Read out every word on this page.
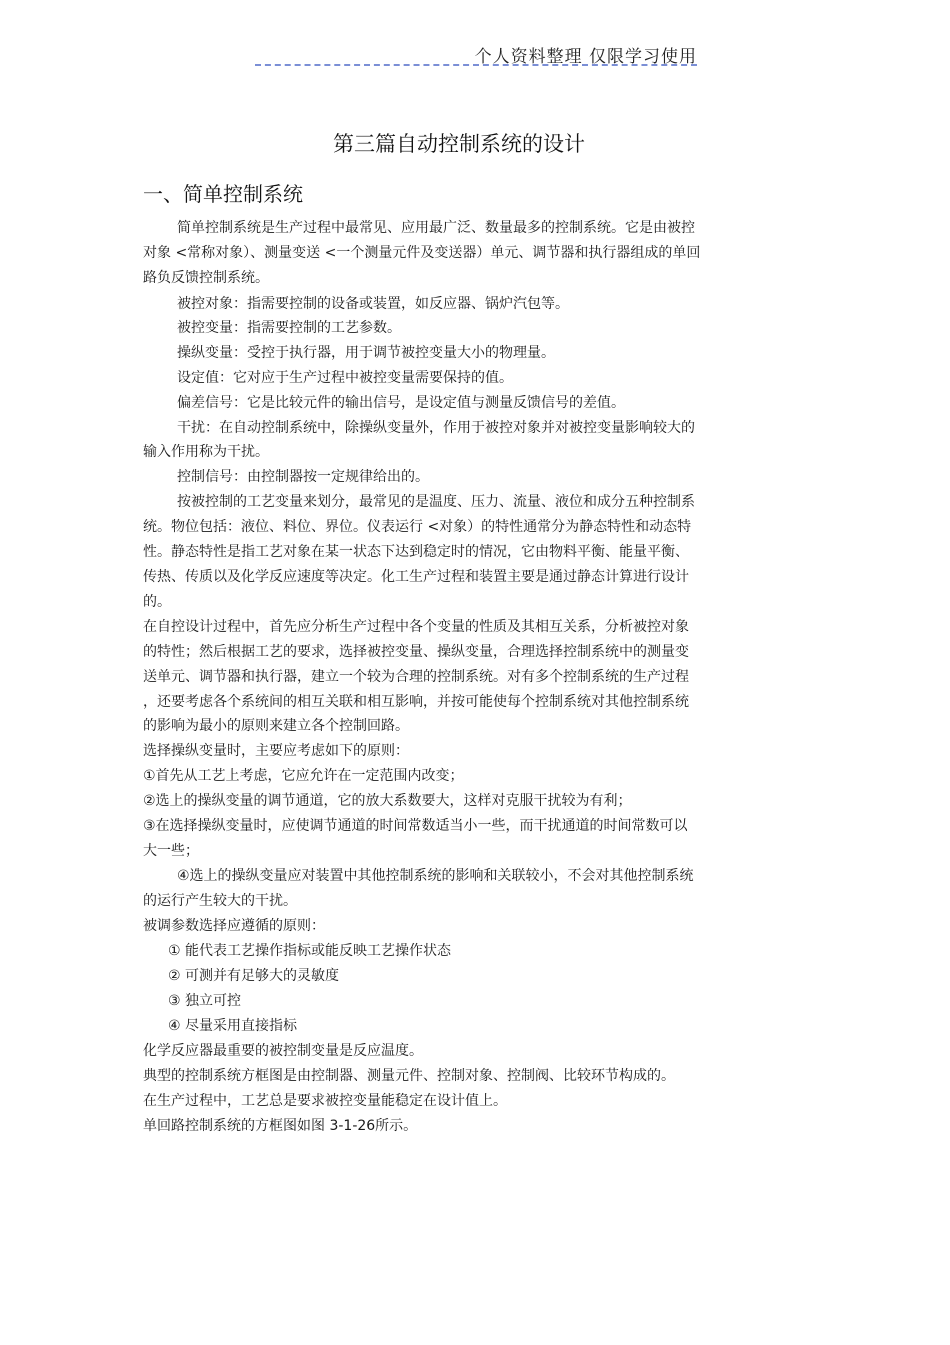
个人资料整理 仅限学习使用
第三篇自动控制系统的设计
一、简单控制系统
简单控制系统是生产过程中最常见、应用最广泛、数量最多的控制系统。它是由被控
对象 <常称对象）、测量变送 <一个测量元件及变送器）单元、调节器和执行器组成的单回
路负反馈控制系统。
被控对象：指需要控制的设备或装置，如反应器、锅炉汽包等。
被控变量：指需要控制的工艺参数。
操纵变量：受控于执行器，用于调节被控变量大小的物理量。
设定值：它对应于生产过程中被控变量需要保持的值。
偏差信号：它是比较元件的输出信号，是设定值与测量反馈信号的差值。
干扰：在自动控制系统中，除操纵变量外，作用于被控对象并对被控变量影响较大的
输入作用称为干扰。
控制信号：由控制器按一定规律给出的。
按被控制的工艺变量来划分，最常见的是温度、压力、流量、液位和成分五种控制系
统。物位包括：液位、料位、界位。仪表运行 <对象）的特性通常分为静态特性和动态特
性。静态特性是指工艺对象在某一状态下达到稳定时的情况，它由物料平衡、能量平衡、
传热、传质以及化学反应速度等决定。化工生产过程和装置主要是通过静态计算进行设计
的。
在自控设计过程中，首先应分析生产过程中各个变量的性质及其相互关系，分析被控对象
的特性；然后根据工艺的要求，选择被控变量、操纵变量，合理选择控制系统中的测量变
送单元、调节器和执行器，建立一个较为合理的控制系统。对有多个控制系统的生产过程
，还要考虑各个系统间的相互关联和相互影响，并按可能使每个控制系统对其他控制系统
的影响为最小的原则来建立各个控制回路。
选择操纵变量时，主要应考虑如下的原则：
①首先从工艺上考虑，它应允许在一定范围内改变；
②选上的操纵变量的调节通道，它的放大系数要大，这样对克服干扰较为有利；
③在选择操纵变量时，应使调节通道的时间常数适当小一些，而干扰通道的时间常数可以
大一些；
④选上的操纵变量应对装置中其他控制系统的影响和关联较小，不会对其他控制系统
的运行产生较大的干扰。
被调参数选择应遵循的原则：
① 能代表工艺操作指标或能反映工艺操作状态
② 可测并有足够大的灵敏度
③ 独立可控
④ 尽量采用直接指标
化学反应器最重要的被控制变量是反应温度。
典型的控制系统方框图是由控制器、测量元件、控制对象、控制阀、比较环节构成的。
在生产过程中，工艺总是要求被控变量能稳定在设计值上。
单回路控制系统的方框图如图 3-1-26所示。
